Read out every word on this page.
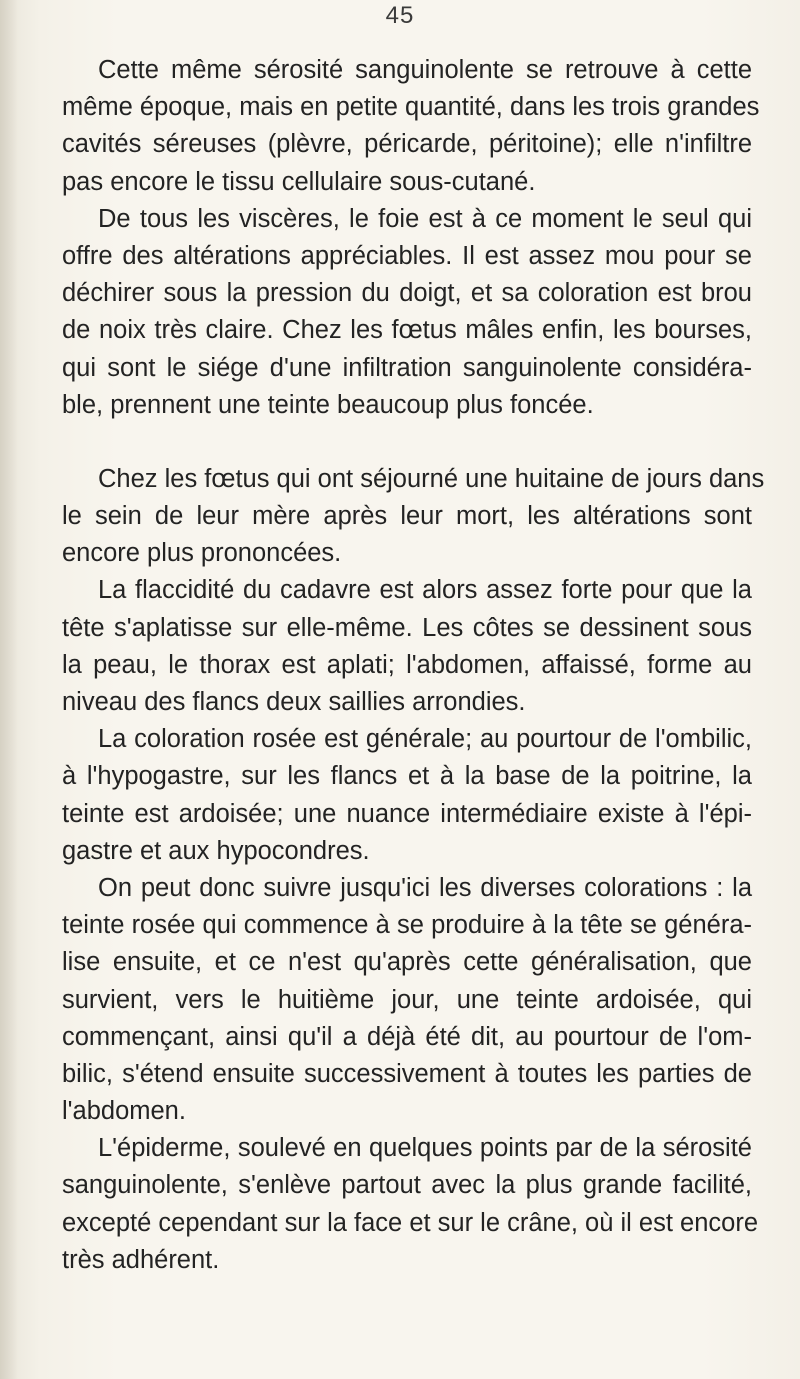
45
Cette même sérosité sanguinolente se retrouve à cette
même époque, mais en petite quantité, dans les trois grandes
cavités séreuses (plèvre, péricarde, péritoine); elle n'infiltre
pas encore le tissu cellulaire sous-cutané.
De tous les viscères, le foie est à ce moment le seul qui
offre des altérations appréciables. Il est assez mou pour se
déchirer sous la pression du doigt, et sa coloration est brou
de noix très claire. Chez les fœtus mâles enfin, les bourses,
qui sont le siége d'une infiltration sanguinolente considéra-
ble, prennent une teinte beaucoup plus foncée.
Chez les fœtus qui ont séjourné une huitaine de jours dans
le sein de leur mère après leur mort, les altérations sont
encore plus prononcées.
La flaccidité du cadavre est alors assez forte pour que la
tête s'aplatisse sur elle-même. Les côtes se dessinent sous
la peau, le thorax est aplati; l'abdomen, affaissé, forme au
niveau des flancs deux saillies arrondies.
La coloration rosée est générale; au pourtour de l'ombilic,
à l'hypogastre, sur les flancs et à la base de la poitrine, la
teinte est ardoisée; une nuance intermédiaire existe à l'épi-
gastre et aux hypocondres.
On peut donc suivre jusqu'ici les diverses colorations : la
teinte rosée qui commence à se produire à la tête se généra-
lise ensuite, et ce n'est qu'après cette généralisation, que
survient, vers le huitième jour, une teinte ardoisée, qui
commençant, ainsi qu'il a déjà été dit, au pourtour de l'om-
bilic, s'étend ensuite successivement à toutes les parties de
l'abdomen.
L'épiderme, soulevé en quelques points par de la sérosité
sanguinolente, s'enlève partout avec la plus grande facilité,
excepté cependant sur la face et sur le crâne, où il est encore
très adhérent.
